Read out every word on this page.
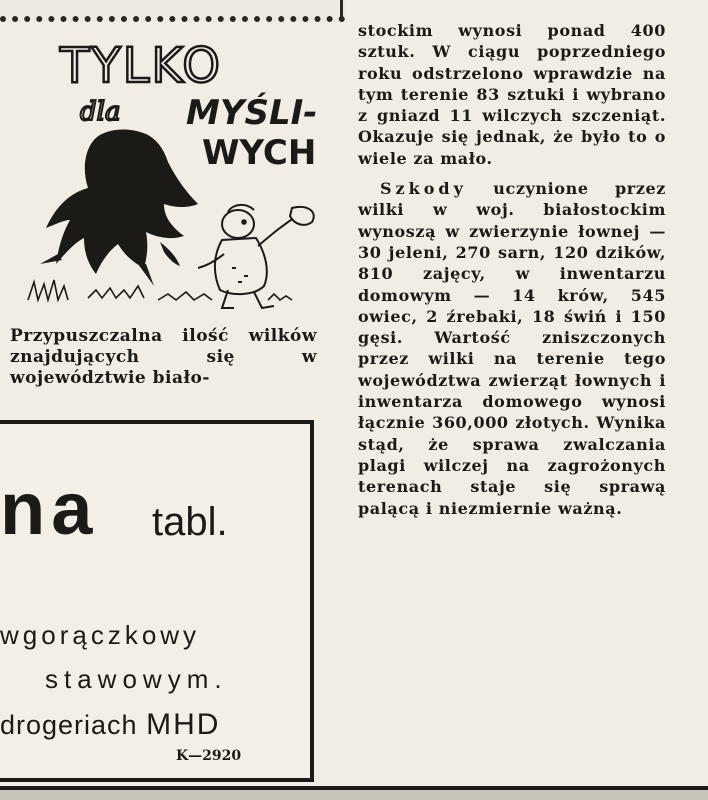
TYLKO
dla MYŚLI-
WYCH
Przypuszczalna ilość wilków znajdujących się w województwie biało-
na tabl.
wgorączkowy
stawowym.
drogeriach MHD
K—2920

stockim wynosi ponad 400 sztuk. W ciągu poprzedniego roku odstrzelono wprawdzie na tym terenie 83 sztuki i wybrano z gniazd 11 wilczych szczeniąt. Okazuje się jednak, że było to o wiele za mało.

Szkody uczynione przez wilki w woj. białostockim wynoszą w zwierzynie łownej — 30 jeleni, 270 sarn, 120 dzików, 810 zajęcy, w inwentarzu domowym — 14 krów, 545 owiec, 2 źrebaki, 18 świń i 150 gęsi. Wartość zniszczonych przez wilki na terenie tego województwa zwierząt łownych i inwentarza domowego wynosi łącznie 360,000 złotych. Wynika stąd, że sprawa zwalczania plagi wilczej na zagrożonych terenach staje się sprawą palącą i niezmiernie ważną.
